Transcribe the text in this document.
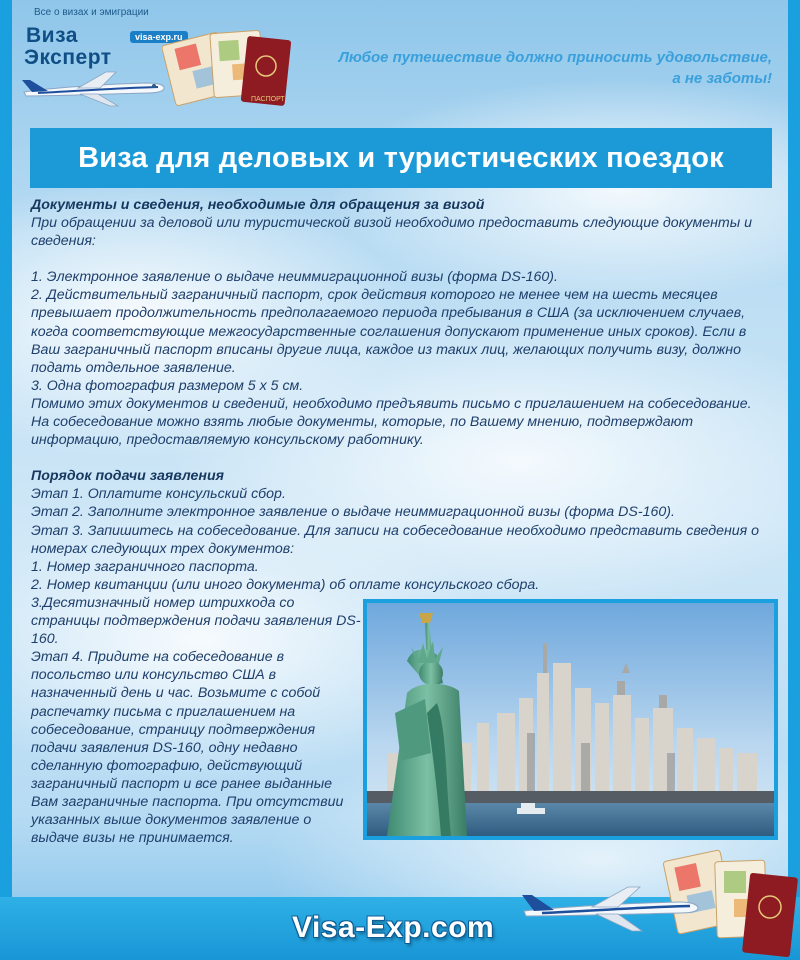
Все о визах и эмиграции
Виза
Эксперт
visa-exp.ru
ПАСПОРТ
Любое путешествие должно приносить удовольствие,
а не заботы!
Виза для деловых и туристических поездок

Документы и сведения, необходимые для обращения за визой

При обращении за деловой или туристической визой необходимо предоставить следующие документы и сведения:

1. Электронное заявление о выдаче неиммиграционной визы (форма DS-160).

2. Действительный заграничный паспорт, срок действия которого не менее чем на шесть месяцев превышает продолжительность предполагаемого периода пребывания в США (за исключением случаев, когда соответствующие межгосударственные соглашения допускают применение иных сроков). Если в Ваш заграничный паспорт вписаны другие лица, каждое из таких лиц, желающих получить визу, должно подать отдельное заявление.

3. Одна фотография размером 5 х 5 см.

Помимо этих документов и сведений, необходимо предъявить письмо с приглашением на собеседование. На собеседование можно взять любые документы, которые, по Вашему мнению, подтверждают информацию, предоставляемую консульскому работнику.

Порядок подачи заявления

Этап 1. Оплатите консульский сбор.

Этап 2. Заполните электронное заявление о выдаче неиммиграционной визы (форма DS-160).

Этап 3. Запишитесь на собеседование. Для записи на собеседование необходимо представить сведения о номерах следующих трех документов:

1. Номер заграничного паспорта.

2. Номер квитанции (или иного документа) об оплате консульского сбора.

3.Десятизначный номер штрихкода со страницы подтверждения подачи заявления DS-160.

Этап 4. Придите на собеседование в посольство или консульство США в назначенный день и час. Возьмите с собой распечатку письма с приглашением на собеседование, страницу подтверждения подачи заявления DS-160, одну недавно сделанную фотографию, действующий заграничный паспорт и все ранее выданные Вам заграничные паспорта. При отсутствии указанных выше документов заявление о выдаче визы не принимается.

Visa-Exp.com
